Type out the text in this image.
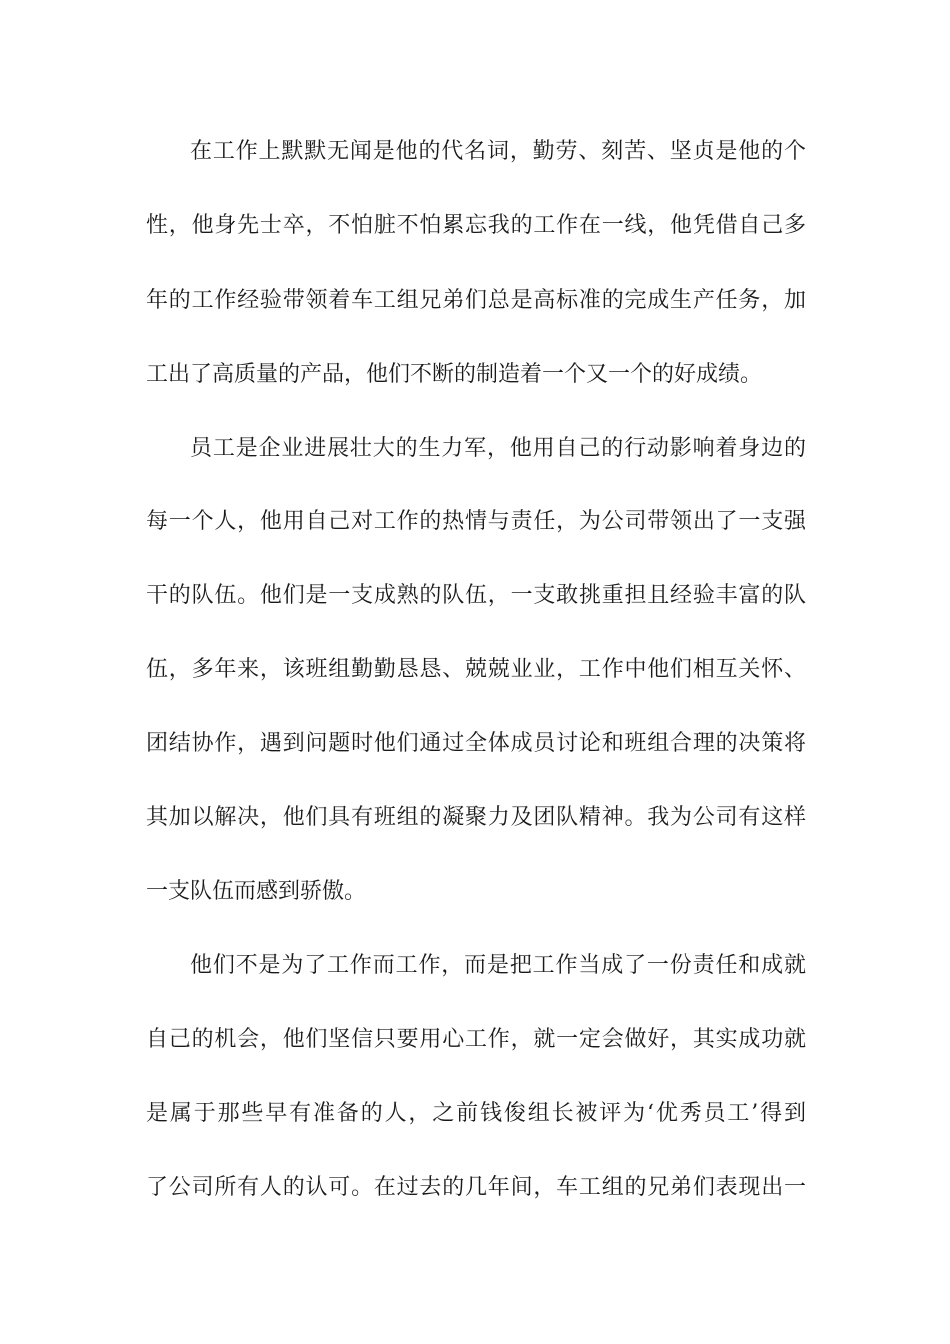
在工作上默默无闻是他的代名词，勤劳、刻苦、坚贞是他的个
性，他身先士卒，不怕脏不怕累忘我的工作在一线，他凭借自己多
年的工作经验带领着车工组兄弟们总是高标准的完成生产任务，加
工出了高质量的产品，他们不断的制造着一个又一个的好成绩。
员工是企业进展壮大的生力军，他用自己的行动影响着身边的
每一个人，他用自己对工作的热情与责任，为公司带领出了一支强
干的队伍。他们是一支成熟的队伍，一支敢挑重担且经验丰富的队
伍，多年来，该班组勤勤恳恳、兢兢业业，工作中他们相互关怀、
团结协作，遇到问题时他们通过全体成员讨论和班组合理的决策将
其加以解决，他们具有班组的凝聚力及团队精神。我为公司有这样
一支队伍而感到骄傲。
他们不是为了工作而工作，而是把工作当成了一份责任和成就
自己的机会，他们坚信只要用心工作，就一定会做好，其实成功就
是属于那些早有准备的人，之前钱俊组长被评为‘优秀员工’得到
了公司所有人的认可。在过去的几年间，车工组的兄弟们表现出一
